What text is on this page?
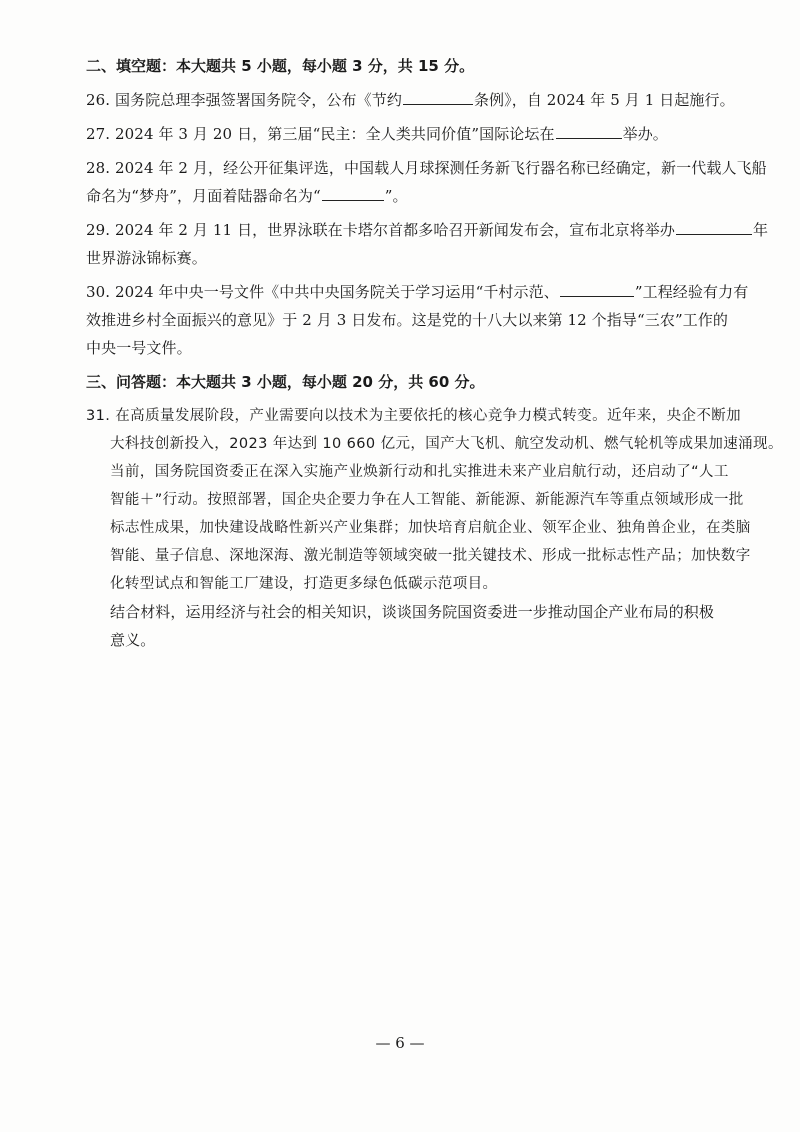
二、填空题：本大题共 5 小题，每小题 3 分，共 15 分。
26. 国务院总理李强签署国务院令，公布《节约	条例》，自 2024 年 5 月 1 日起施行。
27. 2024 年 3 月 20 日，第三届“民主：全人类共同价值”国际论坛在	举办。
28. 2024 年 2 月，经公开征集评选，中国载人月球探测任务新飞行器名称已经确定，新一代载人飞船
命名为“梦舟”，月面着陆器命名为“	”。
29. 2024 年 2 月 11 日，世界泳联在卡塔尔首都多哈召开新闻发布会，宣布北京将举办	年
世界游泳锦标赛。
30. 2024 年中央一号文件《中共中央国务院关于学习运用“千村示范、	”工程经验有力有
效推进乡村全面振兴的意见》于 2 月 3 日发布。这是党的十八大以来第 12 个指导“三农”工作的
中央一号文件。
三、问答题：本大题共 3 小题，每小题 20 分，共 60 分。
31. 在高质量发展阶段，产业需要向以技术为主要依托的核心竞争力模式转变。近年来，央企不断加
大科技创新投入，2023 年达到 10 660 亿元，国产大飞机、航空发动机、燃气轮机等成果加速涌现。
当前，国务院国资委正在深入实施产业焕新行动和扎实推进未来产业启航行动，还启动了“人工
智能＋”行动。按照部署，国企央企要力争在人工智能、新能源、新能源汽车等重点领域形成一批
标志性成果，加快建设战略性新兴产业集群；加快培育启航企业、领军企业、独角兽企业，在类脑
智能、量子信息、深地深海、激光制造等领域突破一批关键技术、形成一批标志性产品；加快数字
化转型试点和智能工厂建设，打造更多绿色低碳示范项目。
结合材料，运用经济与社会的相关知识，谈谈国务院国资委进一步推动国企产业布局的积极
意义。
— 6 —
